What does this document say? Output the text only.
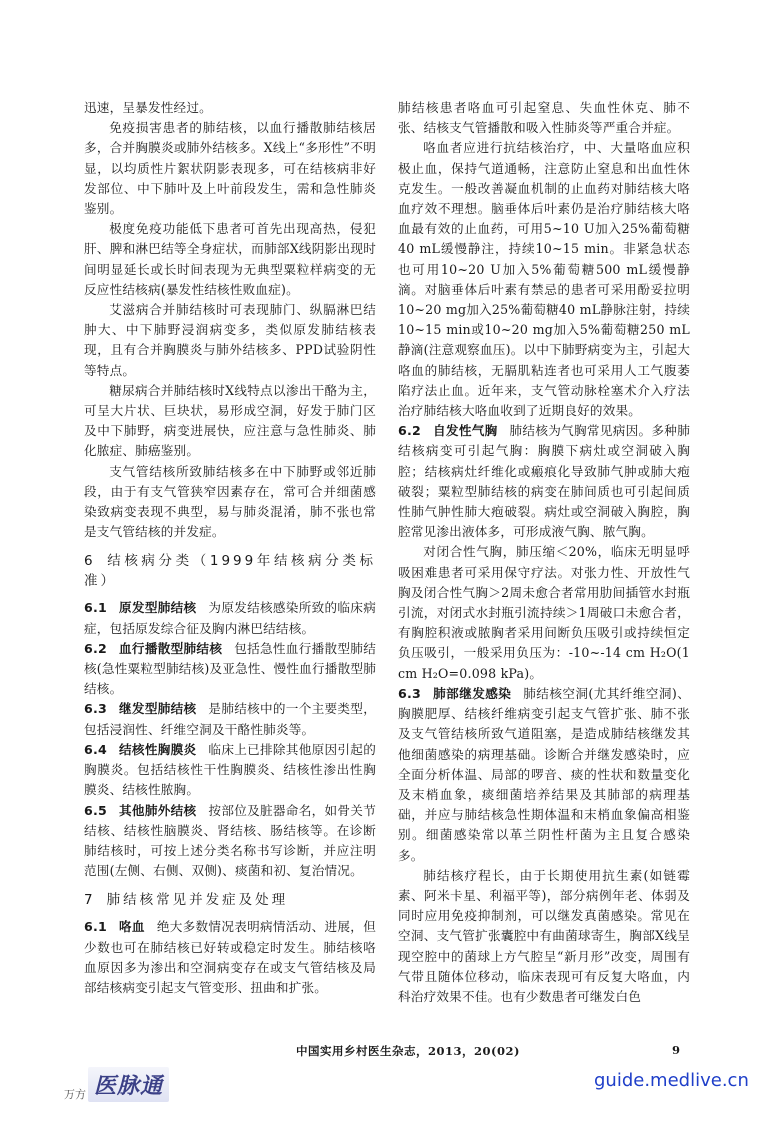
迅速，呈暴发性经过。

免疫损害患者的肺结核，以血行播散肺结核居多，合并胸膜炎或肺外结核多。X线上“多形性”不明显，以均质性片絮状阴影表现多，可在结核病非好发部位、中下肺叶及上叶前段发生，需和急性肺炎鉴别。

极度免疫功能低下患者可首先出现高热，侵犯肝、脾和淋巴结等全身症状，而肺部X线阴影出现时间明显延长或长时间表现为无典型粟粒样病变的无反应性结核病(暴发性结核性败血症)。

艾滋病合并肺结核时可表现肺门、纵膈淋巴结肿大、中下肺野浸润病变多，类似原发肺结核表现，且有合并胸膜炎与肺外结核多、PPD试验阴性等特点。

糖尿病合并肺结核时X线特点以渗出干酪为主，可呈大片状、巨块状，易形成空洞，好发于肺门区及中下肺野，病变进展快，应注意与急性肺炎、肺化脓症、肺癌鉴别。

支气管结核所致肺结核多在中下肺野或邻近肺段，由于有支气管狭窄因素存在，常可合并细菌感染致病变表现不典型，易与肺炎混淆，肺不张也常是支气管结核的并发症。

6 结核病分类（1999年结核病分类标准）

6.1 原发型肺结核 为原发结核感染所致的临床病症，包括原发综合征及胸内淋巴结结核。

6.2 血行播散型肺结核 包括急性血行播散型肺结核(急性粟粒型肺结核)及亚急性、慢性血行播散型肺结核。

6.3 继发型肺结核 是肺结核中的一个主要类型，包括浸润性、纤维空洞及干酪性肺炎等。

6.4 结核性胸膜炎 临床上已排除其他原因引起的胸膜炎。包括结核性干性胸膜炎、结核性渗出性胸膜炎、结核性脓胸。

6.5 其他肺外结核 按部位及脏器命名，如骨关节结核、结核性脑膜炎、肾结核、肠结核等。在诊断肺结核时，可按上述分类名称书写诊断，并应注明范围(左侧、右侧、双侧)、痰菌和初、复治情况。

7 肺结核常见并发症及处理

6.1 咯血 绝大多数情况表明病情活动、进展，但少数也可在肺结核已好转或稳定时发生。肺结核咯血原因多为渗出和空洞病变存在或支气管结核及局部结核病变引起支气管变形、扭曲和扩张。

肺结核患者咯血可引起窒息、失血性休克、肺不张、结核支气管播散和吸入性肺炎等严重合并症。

咯血者应进行抗结核治疗，中、大量咯血应积极止血，保持气道通畅，注意防止窒息和出血性休克发生。一般改善凝血机制的止血药对肺结核大咯血疗效不理想。脑垂体后叶素仍是治疗肺结核大咯血最有效的止血药，可用5~10 U加入25%葡萄糖40 mL缓慢静注，持续10~15 min。非紧急状态也可用10~20 U加入5%葡萄糖500 mL缓慢静滴。对脑垂体后叶素有禁忌的患者可采用酚妥拉明10~20 mg加入25%葡萄糖40 mL静脉注射，持续10~15 min或10~20 mg加入5%葡萄糖250 mL静滴(注意观察血压)。以中下肺野病变为主，引起大咯血的肺结核，无膈肌粘连者也可采用人工气腹萎陷疗法止血。近年来，支气管动脉栓塞术介入疗法治疗肺结核大咯血收到了近期良好的效果。

6.2 自发性气胸 肺结核为气胸常见病因。多种肺结核病变可引起气胸：胸膜下病灶或空洞破入胸腔；结核病灶纤维化或瘢痕化导致肺气肿或肺大疱破裂；粟粒型肺结核的病变在肺间质也可引起间质性肺气肿性肺大疱破裂。病灶或空洞破入胸腔，胸腔常见渗出液体多，可形成液气胸、脓气胸。

对闭合性气胸，肺压缩＜20%，临床无明显呼吸困难患者可采用保守疗法。对张力性、开放性气胸及闭合性气胸＞2周未愈合者常用肋间插管水封瓶引流，对闭式水封瓶引流持续＞1周破口未愈合者，有胸腔积液或脓胸者采用间断负压吸引或持续恒定负压吸引，一般采用负压为：-10~-14 cm H₂O(1 cm H₂O=0.098 kPa)。

6.3 肺部继发感染 肺结核空洞(尤其纤维空洞)、胸膜肥厚、结核纤维病变引起支气管扩张、肺不张及支气管结核所致气道阻塞，是造成肺结核继发其他细菌感染的病理基础。诊断合并继发感染时，应全面分析体温、局部的啰音、痰的性状和数量变化及末梢血象，痰细菌培养结果及其肺部的病理基础，并应与肺结核急性期体温和末梢血象偏高相鉴别。细菌感染常以革兰阴性杆菌为主且复合感染多。

肺结核疗程长，由于长期使用抗生素(如链霉素、阿米卡星、利福平等)，部分病例年老、体弱及同时应用免疫抑制剂，可以继发真菌感染。常见在空洞、支气管扩张囊腔中有曲菌球寄生，胸部X线呈现空腔中的菌球上方气腔呈“新月形”改变，周围有气带且随体位移动，临床表现可有反复大咯血，内科治疗效果不佳。也有少数患者可继发白色

中国实用乡村医生杂志，2013，20(02)	9
万方 医脉通	guide.medlive.cn
